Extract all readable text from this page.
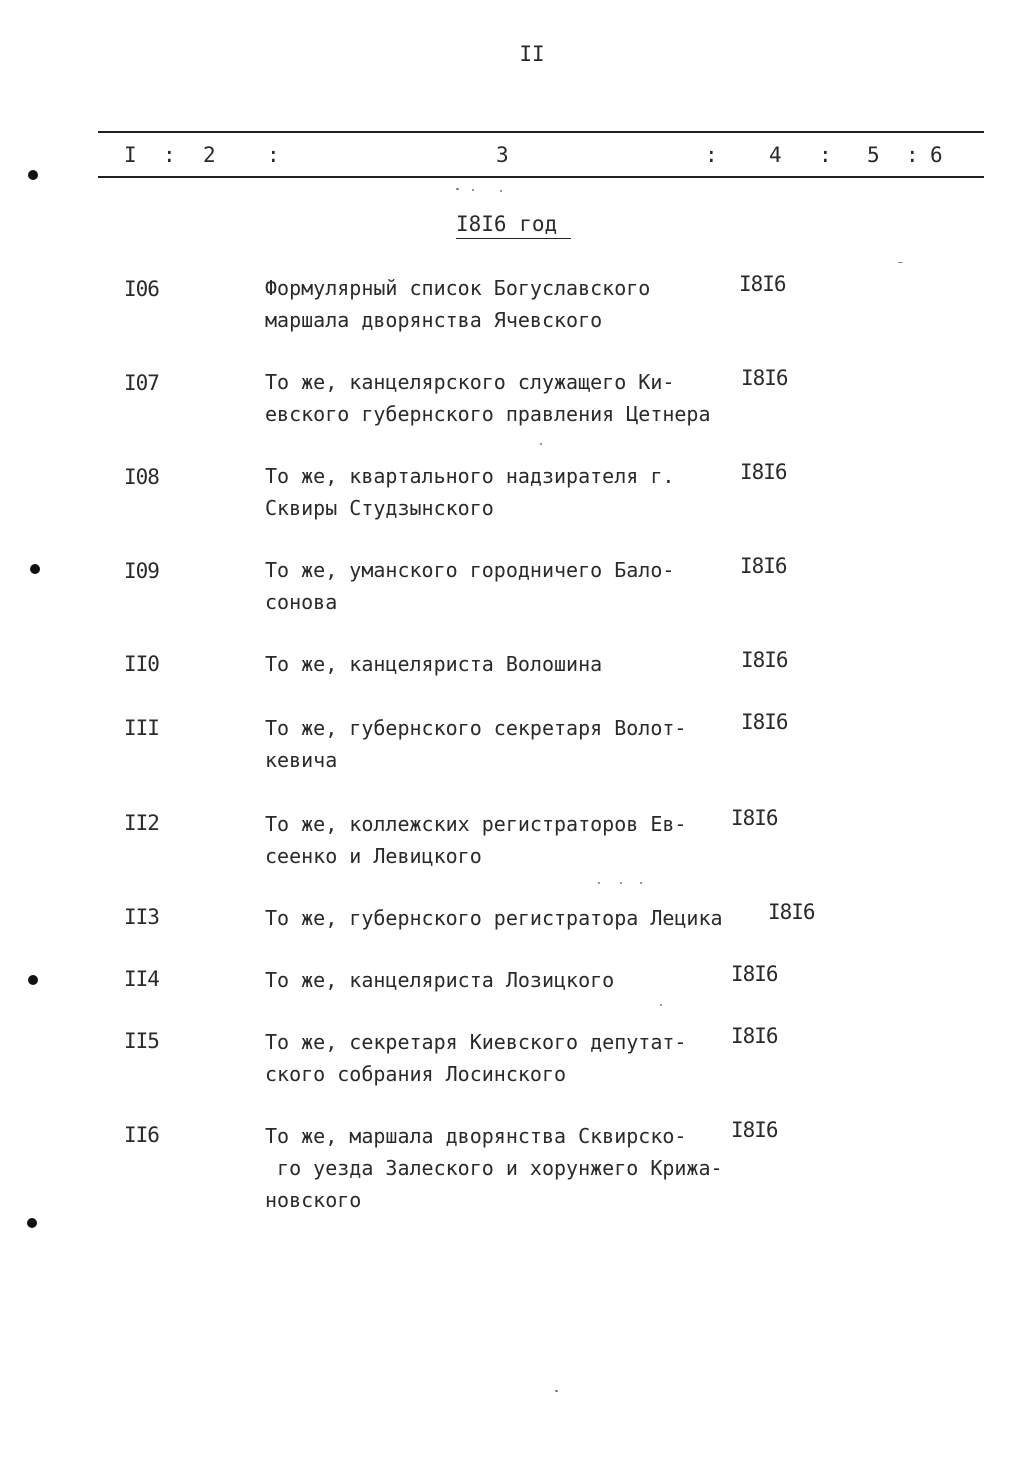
II
I : 2 :	3	: 4 : 5 : 6
I8I6 год
I06	Формулярный список Богуславского
маршала дворянства Ячевского
I8I6
I07	То же, канцелярского служащего Ки-
евского губернского правления Цетнера
I8I6
I08	То же, квартального надзирателя г.
Сквиры Студзынского
I8I6
I09	То же, уманского городничего Бало-
сонова
I8I6
II0	То же, канцеляриста Волошина	I8I6
III	То же, губернского секретаря Волот-
кевича
I8I6
II2	То же, коллежских регистраторов Ев-
сеенко и Левицкого
I8I6
II3	То же, губернского регистратора Лецика I8I6
II4	То же, канцеляриста Лозицкого	I8I6
II5	То же, секретаря Киевского депутат-
ского собрания Лосинского
I8I6
II6	То же, маршала дворянства Сквирско-
го уезда Залеского и хорунжего Крижа-
новского
I8I6
